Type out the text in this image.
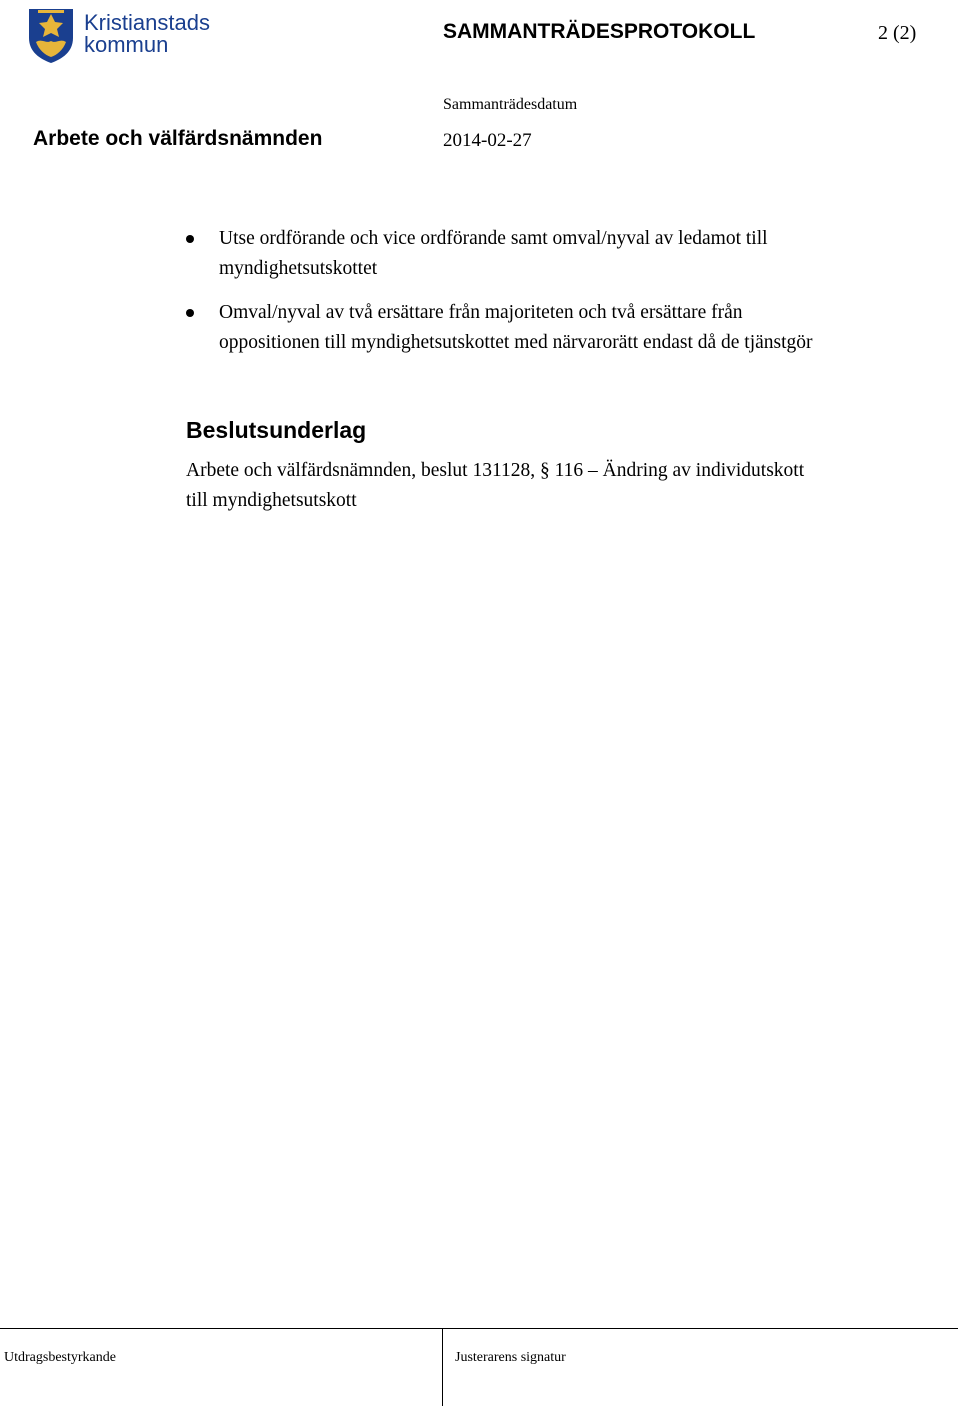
Kristianstads
kommun
SAMMANTRÄDESPROTOKOLL	2 (2)
Arbete och välfärdsnämnden
Sammanträdesdatum
2014-02-27
Utse ordförande och vice ordförande samt omval/nyval av ledamot till myndighetsutskottet
Omval/nyval av två ersättare från majoriteten och två ersättare från oppositionen till myndighetsutskottet med närvarorätt endast då de tjänstgör
Beslutsunderlag
Arbete och välfärdsnämnden, beslut 131128, § 116 – Ändring av individutskott till myndighetsutskott
Utdragsbestyrkande	Justerarens signatur
